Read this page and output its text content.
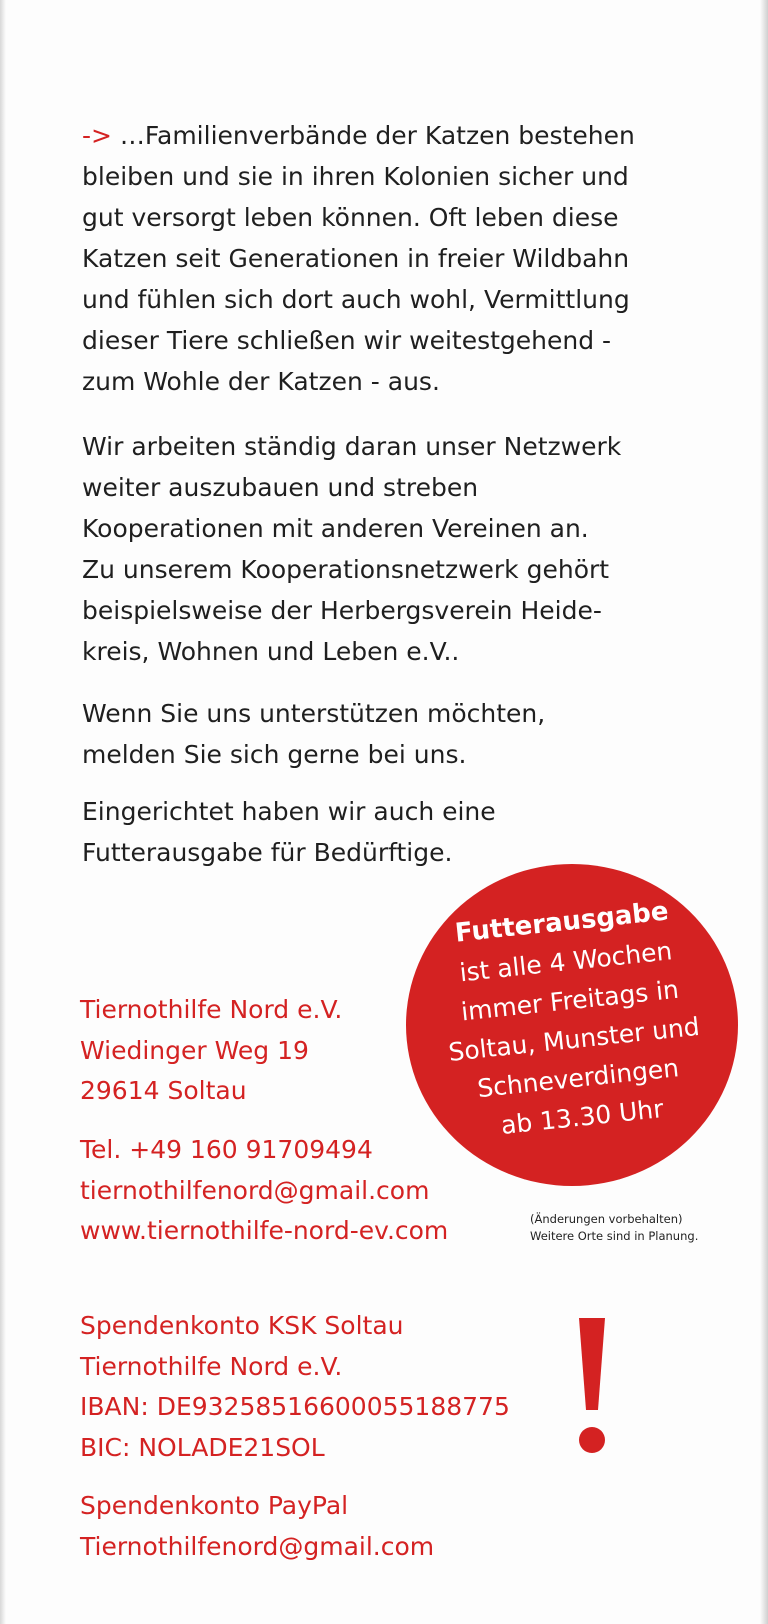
-> …Familienverbände der Katzen bestehen
bleiben und sie in ihren Kolonien sicher und
gut versorgt leben können. Oft leben diese
Katzen seit Generationen in freier Wildbahn
und fühlen sich dort auch wohl, Vermittlung
dieser Tiere schließen wir weitestgehend -
zum Wohle der Katzen - aus.
Wir arbeiten ständig daran unser Netzwerk
weiter auszubauen und streben
Kooperationen mit anderen Vereinen an.
Zu unserem Kooperationsnetzwerk gehört
beispielsweise der Herbergsverein Heide-
kreis, Wohnen und Leben e.V..
Wenn Sie uns unterstützen möchten,
melden Sie sich gerne bei uns.
Eingerichtet haben wir auch eine
Futterausgabe für Bedürftige.
Futterausgabe
ist alle 4 Wochen
immer Freitags in
Soltau, Munster und
Schneverdingen
ab 13.30 Uhr
Tiernothilfe Nord e.V.
Wiedinger Weg 19
29614 Soltau
Tel. +49 160 91709494
tiernothilfenord@gmail.com
www.tiernothilfe-nord-ev.com	(Änderungen vorbehalten)
Weitere Orte sind in Planung.
Spendenkonto KSK Soltau
Tiernothilfe Nord e.V.
IBAN: DE93258516600055188775
BIC: NOLADE21SOL
Spendenkonto PayPal
Tiernothilfenord@gmail.com
